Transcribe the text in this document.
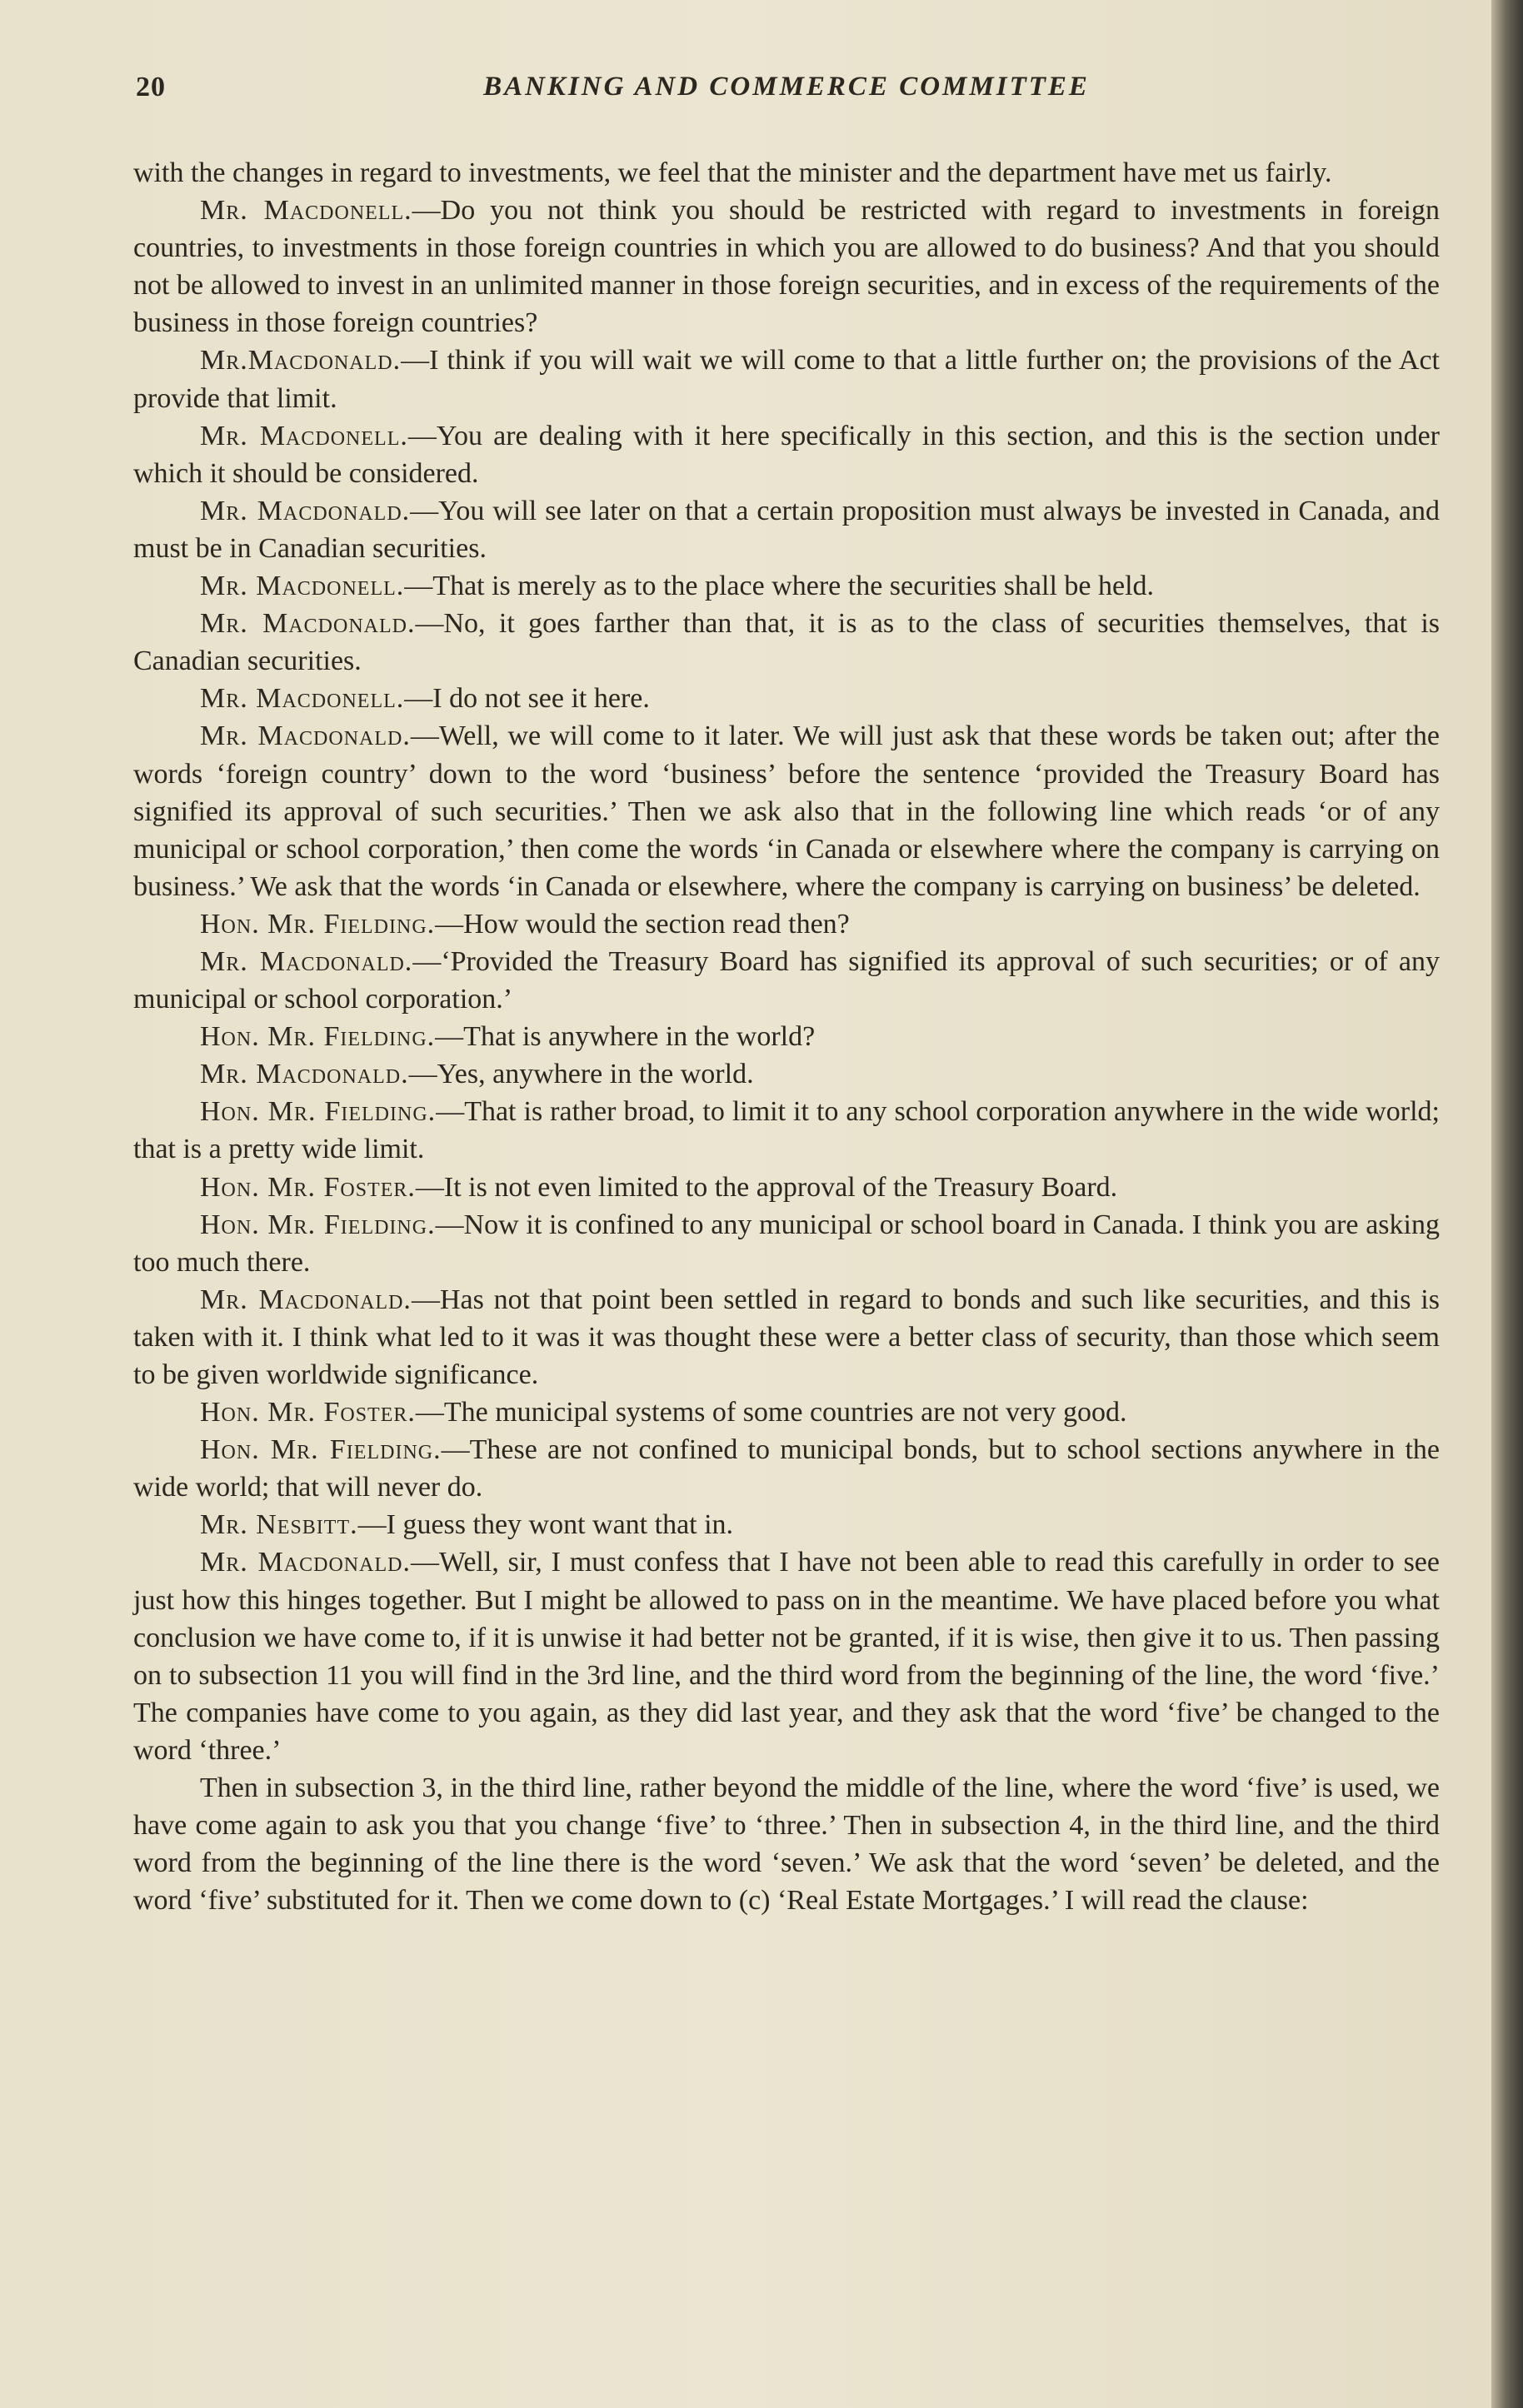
20	BANKING AND COMMERCE COMMITTEE

with the changes in regard to investments, we feel that the minister and the department have met us fairly.

Mr. Macdonell.—Do you not think you should be restricted with regard to investments in foreign countries, to investments in those foreign countries in which you are allowed to do business? And that you should not be allowed to invest in an unlimited manner in those foreign securities, and in excess of the requirements of the business in those foreign countries?

Mr.Macdonald.—I think if you will wait we will come to that a little further on; the provisions of the Act provide that limit.

Mr. Macdonell.—You are dealing with it here specifically in this section, and this is the section under which it should be considered.

Mr. Macdonald.—You will see later on that a certain proposition must always be invested in Canada, and must be in Canadian securities.

Mr. Macdonell.—That is merely as to the place where the securities shall be held.

Mr. Macdonald.—No, it goes farther than that, it is as to the class of securities themselves, that is Canadian securities.

Mr. Macdonell.—I do not see it here.

Mr. Macdonald.—Well, we will come to it later. We will just ask that these words be taken out; after the words ‘foreign country’ down to the word ‘business’ before the sentence ‘provided the Treasury Board has signified its approval of such securities.’ Then we ask also that in the following line which reads ‘or of any municipal or school corporation,’ then come the words ‘in Canada or elsewhere where the company is carrying on business.’ We ask that the words ‘in Canada or elsewhere, where the company is carrying on business’ be deleted.

Hon. Mr. Fielding.—How would the section read then?

Mr. Macdonald.—‘Provided the Treasury Board has signified its approval of such securities; or of any municipal or school corporation.’

Hon. Mr. Fielding.—That is anywhere in the world?

Mr. Macdonald.—Yes, anywhere in the world.

Hon. Mr. Fielding.—That is rather broad, to limit it to any school corporation anywhere in the wide world; that is a pretty wide limit.

Hon. Mr. Foster.—It is not even limited to the approval of the Treasury Board.

Hon. Mr. Fielding.—Now it is confined to any municipal or school board in Canada. I think you are asking too much there.

Mr. Macdonald.—Has not that point been settled in regard to bonds and such like securities, and this is taken with it. I think what led to it was it was thought these were a better class of security, than those which seem to be given worldwide significance.

Hon. Mr. Foster.—The municipal systems of some countries are not very good.

Hon. Mr. Fielding.—These are not confined to municipal bonds, but to school sections anywhere in the wide world; that will never do.

Mr. Nesbitt.—I guess they wont want that in.

Mr. Macdonald.—Well, sir, I must confess that I have not been able to read this carefully in order to see just how this hinges together. But I might be allowed to pass on in the meantime. We have placed before you what conclusion we have come to, if it is unwise it had better not be granted, if it is wise, then give it to us. Then passing on to subsection 11 you will find in the 3rd line, and the third word from the beginning of the line, the word ‘five.’ The companies have come to you again, as they did last year, and they ask that the word ‘five’ be changed to the word ‘three.’

Then in subsection 3, in the third line, rather beyond the middle of the line, where the word ‘five’ is used, we have come again to ask you that you change ‘five’ to ‘three.’ Then in subsection 4, in the third line, and the third word from the beginning of the line there is the word ‘seven.’ We ask that the word ‘seven’ be deleted, and the word ‘five’ substituted for it. Then we come down to (c) ‘Real Estate Mortgages.’ I will read the clause:
